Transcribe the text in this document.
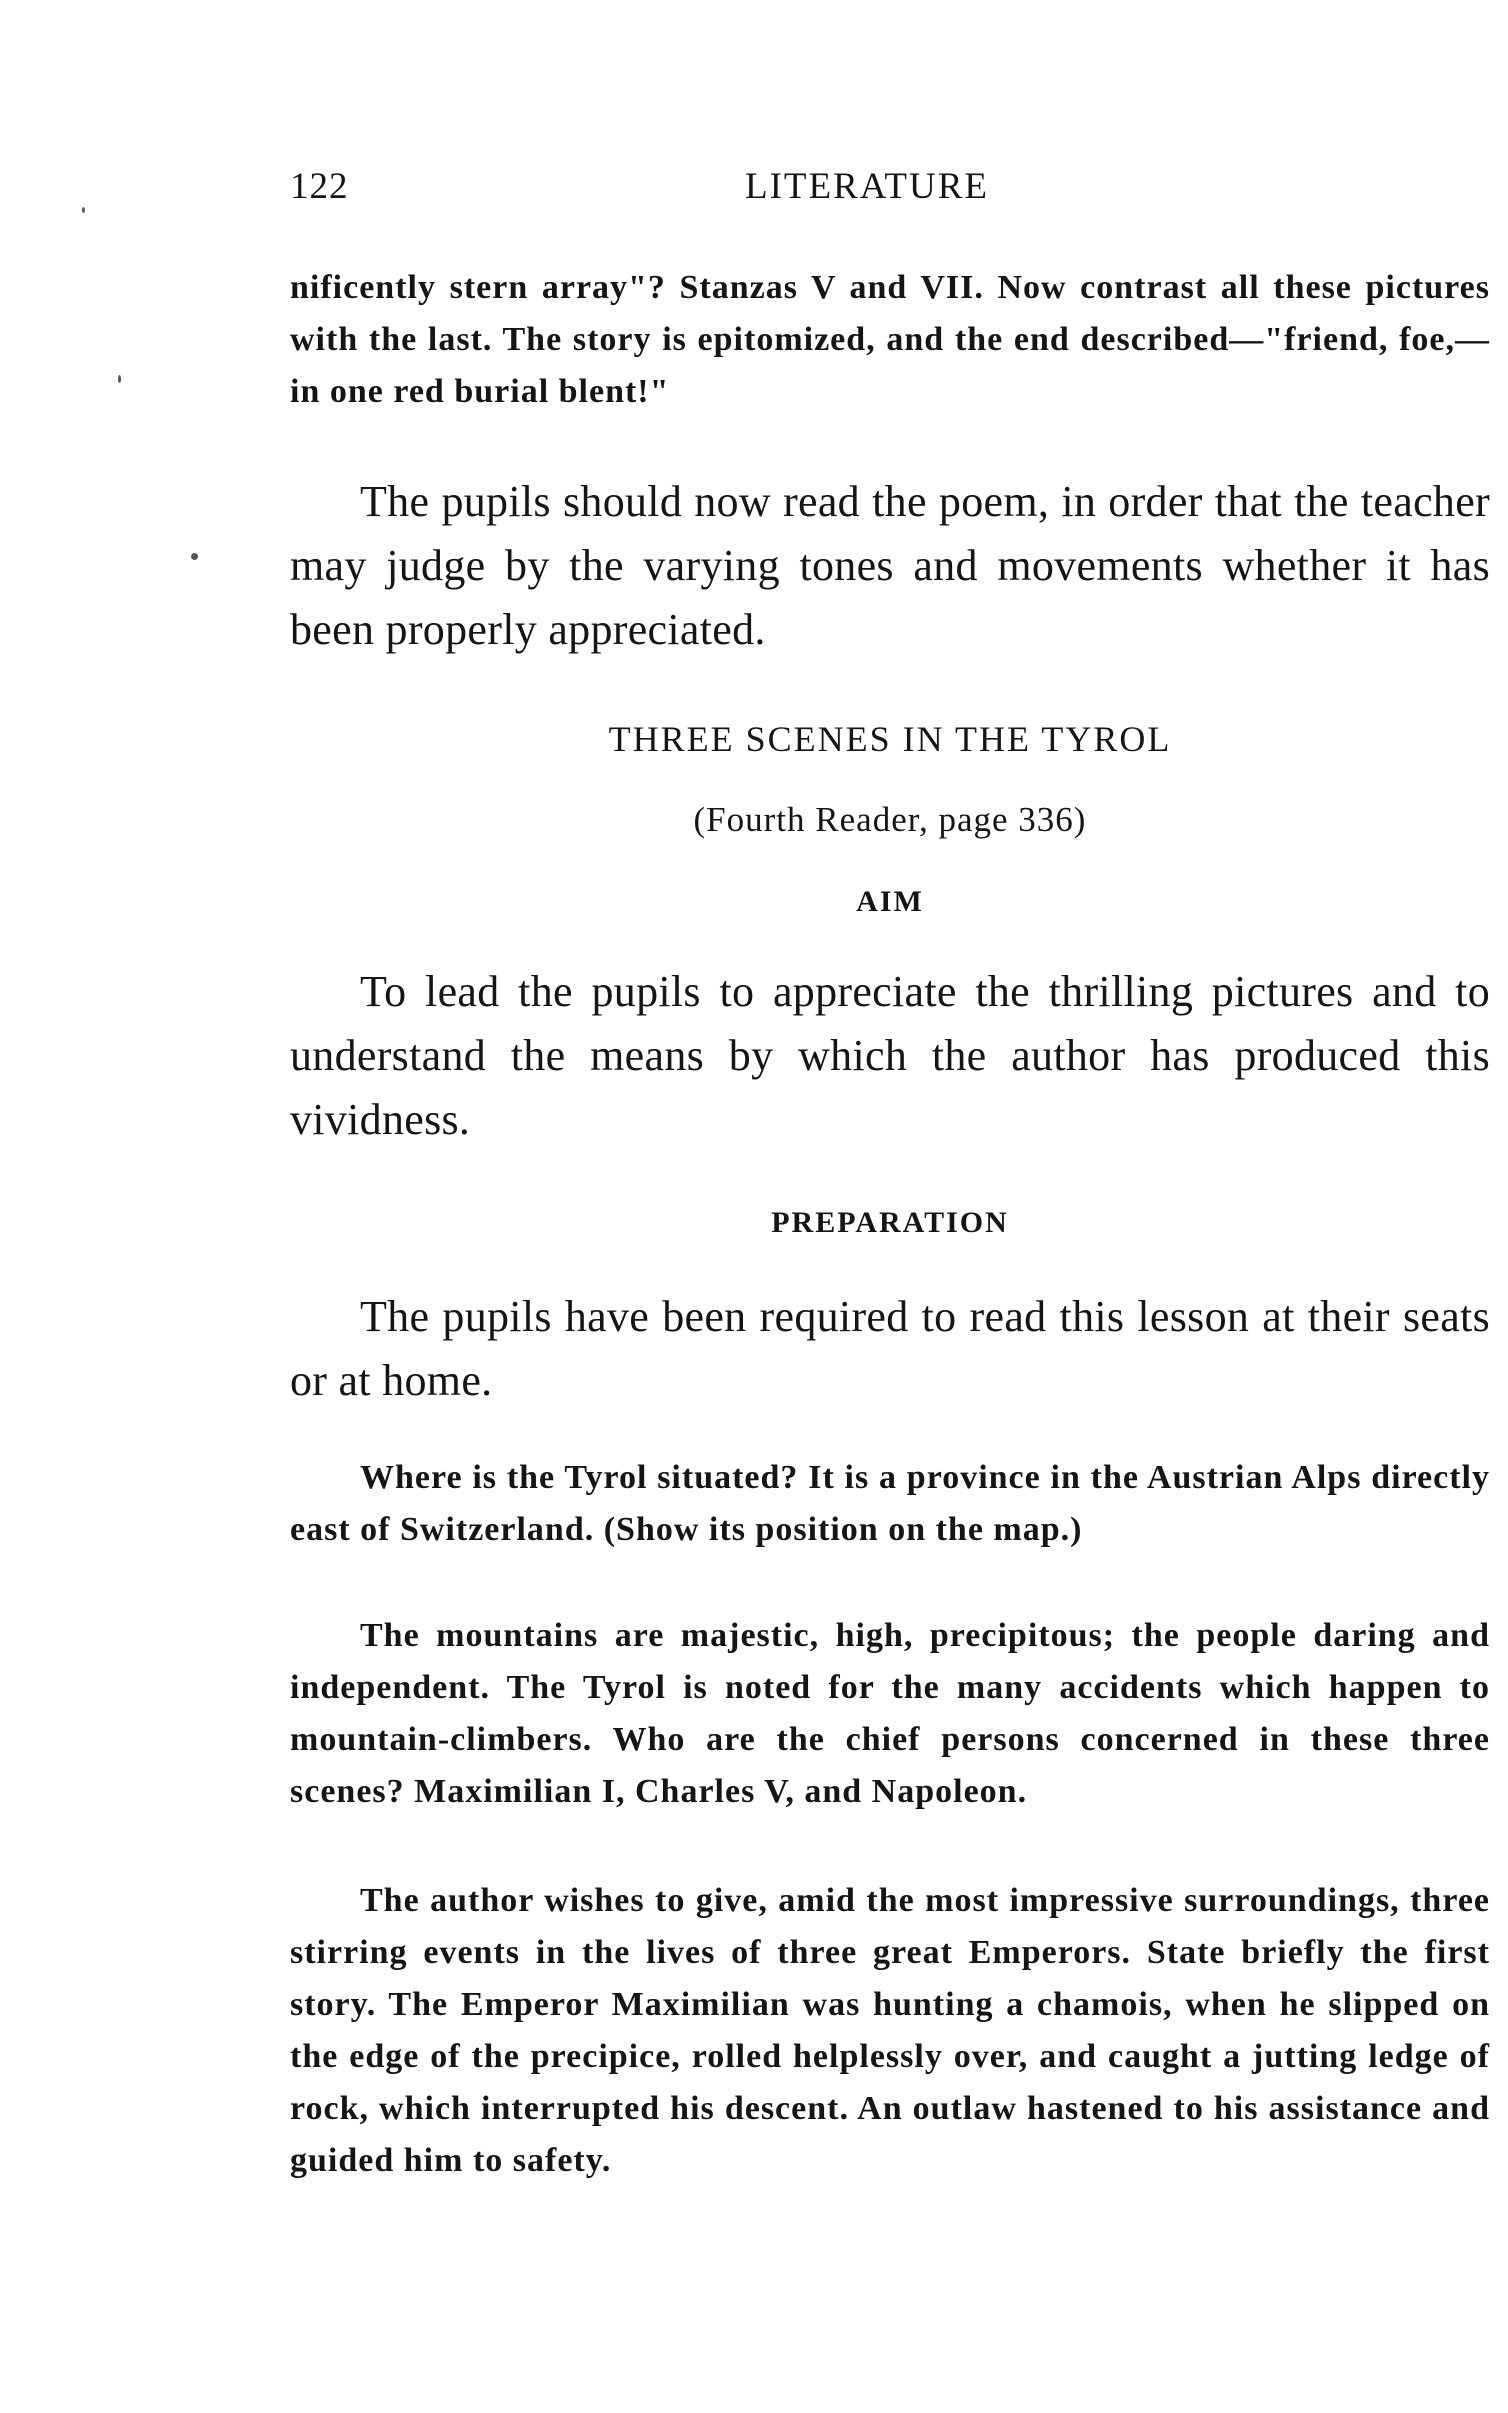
122	LITERATURE

nificently stern array"? Stanzas V and VII. Now contrast all these pictures with the last. The story is epitomized, and the end described—"friend, foe,—in one red burial blent!"

The pupils should now read the poem, in order that the teacher may judge by the varying tones and movements whether it has been properly appreciated.

THREE SCENES IN THE TYROL

(Fourth Reader, page 336)

AIM

To lead the pupils to appreciate the thrilling pictures and to understand the means by which the author has produced this vividness.

PREPARATION

The pupils have been required to read this lesson at their seats or at home.

Where is the Tyrol situated? It is a province in the Austrian Alps directly east of Switzerland. (Show its position on the map.)

The mountains are majestic, high, precipitous; the people daring and independent. The Tyrol is noted for the many accidents which happen to mountain-climbers. Who are the chief persons concerned in these three scenes? Maximilian I, Charles V, and Napoleon.

The author wishes to give, amid the most impressive surroundings, three stirring events in the lives of three great Emperors. State briefly the first story. The Emperor Maximilian was hunting a chamois, when he slipped on the edge of the precipice, rolled helplessly over, and caught a jutting ledge of rock, which interrupted his descent. An outlaw hastened to his assistance and guided him to safety.
